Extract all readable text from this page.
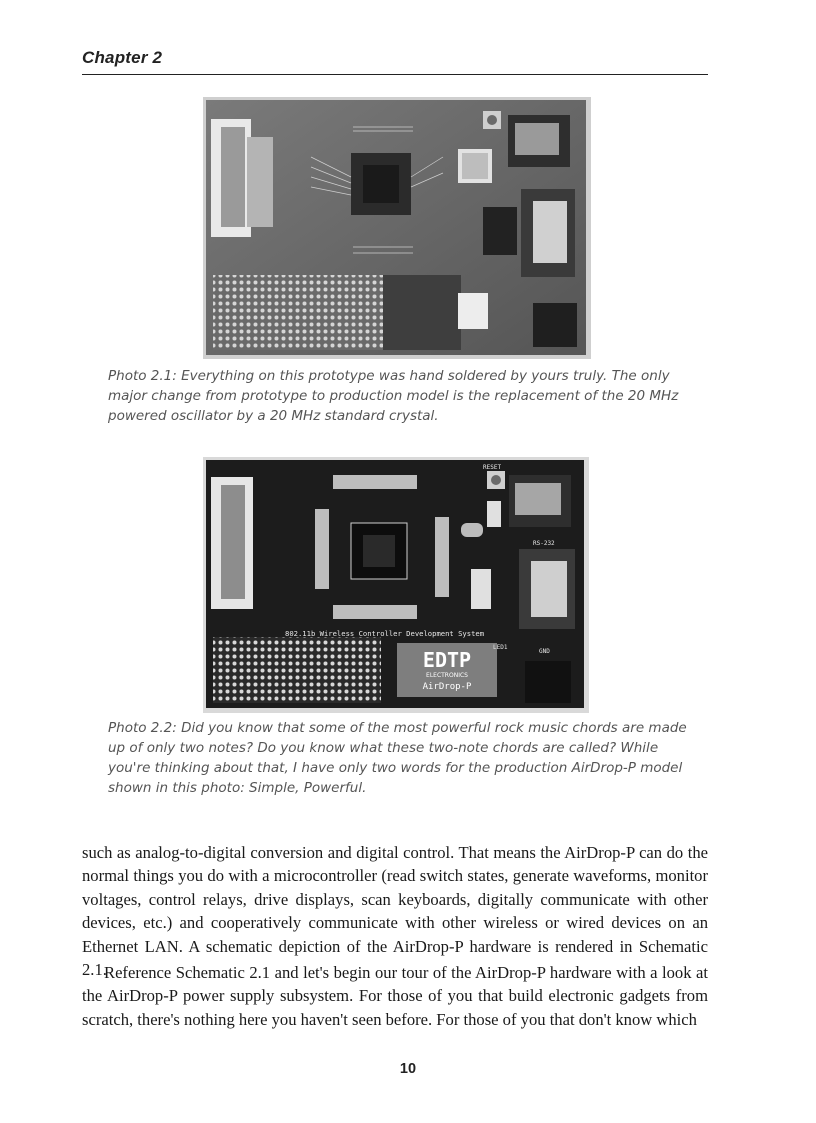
Chapter 2
Photo 2.1: Everything on this prototype was hand soldered by yours truly. The only major change from prototype to production model is the replacement of the 20 MHz powered oscillator by a 20 MHz standard crystal.
802.11b Wireless Controller Development System
EDTP
ELECTRONICS
AirDrop-P
RESET
RS-232
LED1
GND
Photo 2.2: Did you know that some of the most powerful rock music chords are made up of only two notes? Do you know what these two-note chords are called? While you're thinking about that, I have only two words for the production AirDrop-P model shown in this photo: Simple, Powerful.

such as analog-to-digital conversion and digital control. That means the AirDrop-P can do the normal things you do with a microcontroller (read switch states, generate waveforms, monitor voltages, control relays, drive displays, scan keyboards, digitally communicate with other devices, etc.) and cooperatively communicate with other wireless or wired devices on an Ethernet LAN. A schematic depiction of the AirDrop-P hardware is rendered in Schematic 2.1.

Reference Schematic 2.1 and let's begin our tour of the AirDrop-P hardware with a look at the AirDrop-P power supply subsystem. For those of you that build electronic gadgets from scratch, there's nothing here you haven't seen before. For those of you that don't know which

10
